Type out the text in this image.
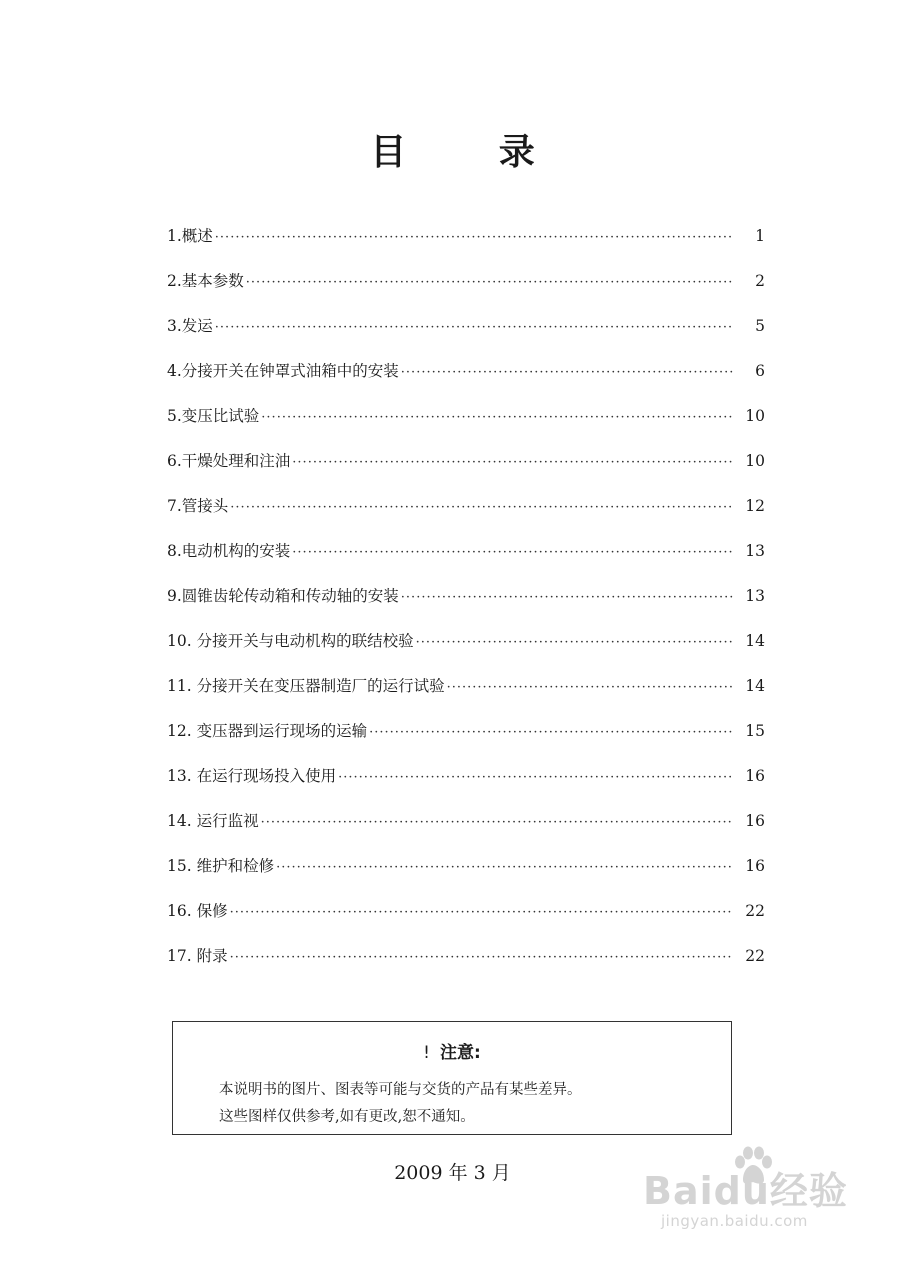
目 录
1.概述 ·····	1
2.基本参数 ·····	2
3.发运 ·····	5
4.分接开关在钟罩式油箱中的安装 ·····	6
5.变压比试验 ·····	10
6.干燥处理和注油 ·····	10
7.管接头 ·····	12
8.电动机构的安装 ·····	13
9.圆锥齿轮传动箱和传动轴的安装 ·····	13
10. 分接开关与电动机构的联结校验 ·····	14
11. 分接开关在变压器制造厂的运行试验 ·····	14
12. 变压器到运行现场的运输 ·····	15
13. 在运行现场投入使用 ·····	16
14. 运行监视 ·····	16
15. 维护和检修 ·····	16
16. 保修 ·····	22
17. 附录 ·····	22
! 注意:
本说明书的图片、图表等可能与交货的产品有某些差异。
这些图样仅供参考,如有更改,恕不通知。
2009 年 3 月	Baidu经验
jingyan.baidu.com
